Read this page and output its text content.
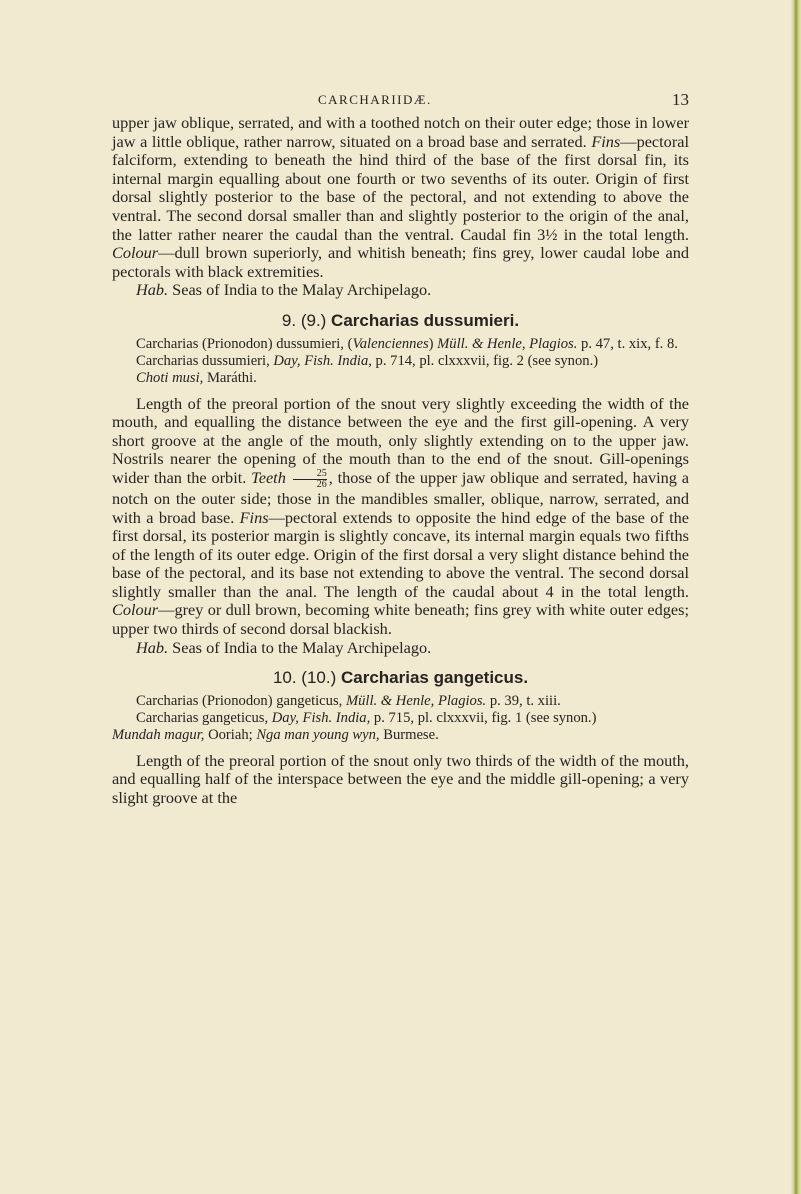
CARCHARIIDÆ.	13

upper jaw oblique, serrated, and with a toothed notch on their outer edge; those in lower jaw a little oblique, rather narrow, situated on a broad base and serrated. Fins—pectoral falciform, extending to beneath the hind third of the base of the first dorsal fin, its internal margin equalling about one fourth or two sevenths of its outer. Origin of first dorsal slightly posterior to the base of the pectoral, and not extending to above the ventral. The second dorsal smaller than and slightly posterior to the origin of the anal, the latter rather nearer the caudal than the ventral. Caudal fin 3½ in the total length. Colour—dull brown superiorly, and whitish beneath; fins grey, lower caudal lobe and pectorals with black extremities.

Hab. Seas of India to the Malay Archipelago.

9. (9.) Carcharias dussumieri.

Carcharias (Prionodon) dussumieri, (Valenciennes) Müll. & Henle, Plagios. p. 47, t. xix, f. 8.

Carcharias dussumieri, Day, Fish. India, p. 714, pl. clxxxvii, fig. 2 (see synon.)

Choti musi, Maráthi.

Length of the preoral portion of the snout very slightly exceeding the width of the mouth, and equalling the distance between the eye and the first gill-opening. A very short groove at the angle of the mouth, only slightly extending on to the upper jaw. Nostrils nearer the opening of the mouth than to the end of the snout. Gill-openings wider than the orbit. Teeth $\frac{25}{26}$ , those of the upper jaw oblique and serrated, having a notch on the outer side; those in the mandibles smaller, oblique, narrow, serrated, and with a broad base. Fins—pectoral extends to opposite the hind edge of the base of the first dorsal, its posterior margin is slightly concave, its internal margin equals two fifths of the length of its outer edge. Origin of the first dorsal a very slight distance behind the base of the pectoral, and its base not extending to above the ventral. The second dorsal slightly smaller than the anal. The length of the caudal about 4 in the total length. Colour—grey or dull brown, becoming white beneath; fins grey with white outer edges; upper two thirds of second dorsal blackish.

Hab. Seas of India to the Malay Archipelago.

10. (10.) Carcharias gangeticus.

Carcharias (Prionodon) gangeticus, Müll. & Henle, Plagios. p. 39, t. xiii.

Carcharias gangeticus, Day, Fish. India, p. 715, pl. clxxxvii, fig. 1 (see synon.)

Mundah magur, Ooriah; Nga man young wyn, Burmese.

Length of the preoral portion of the snout only two thirds of the width of the mouth, and equalling half of the interspace between the eye and the middle gill-opening; a very slight groove at the
